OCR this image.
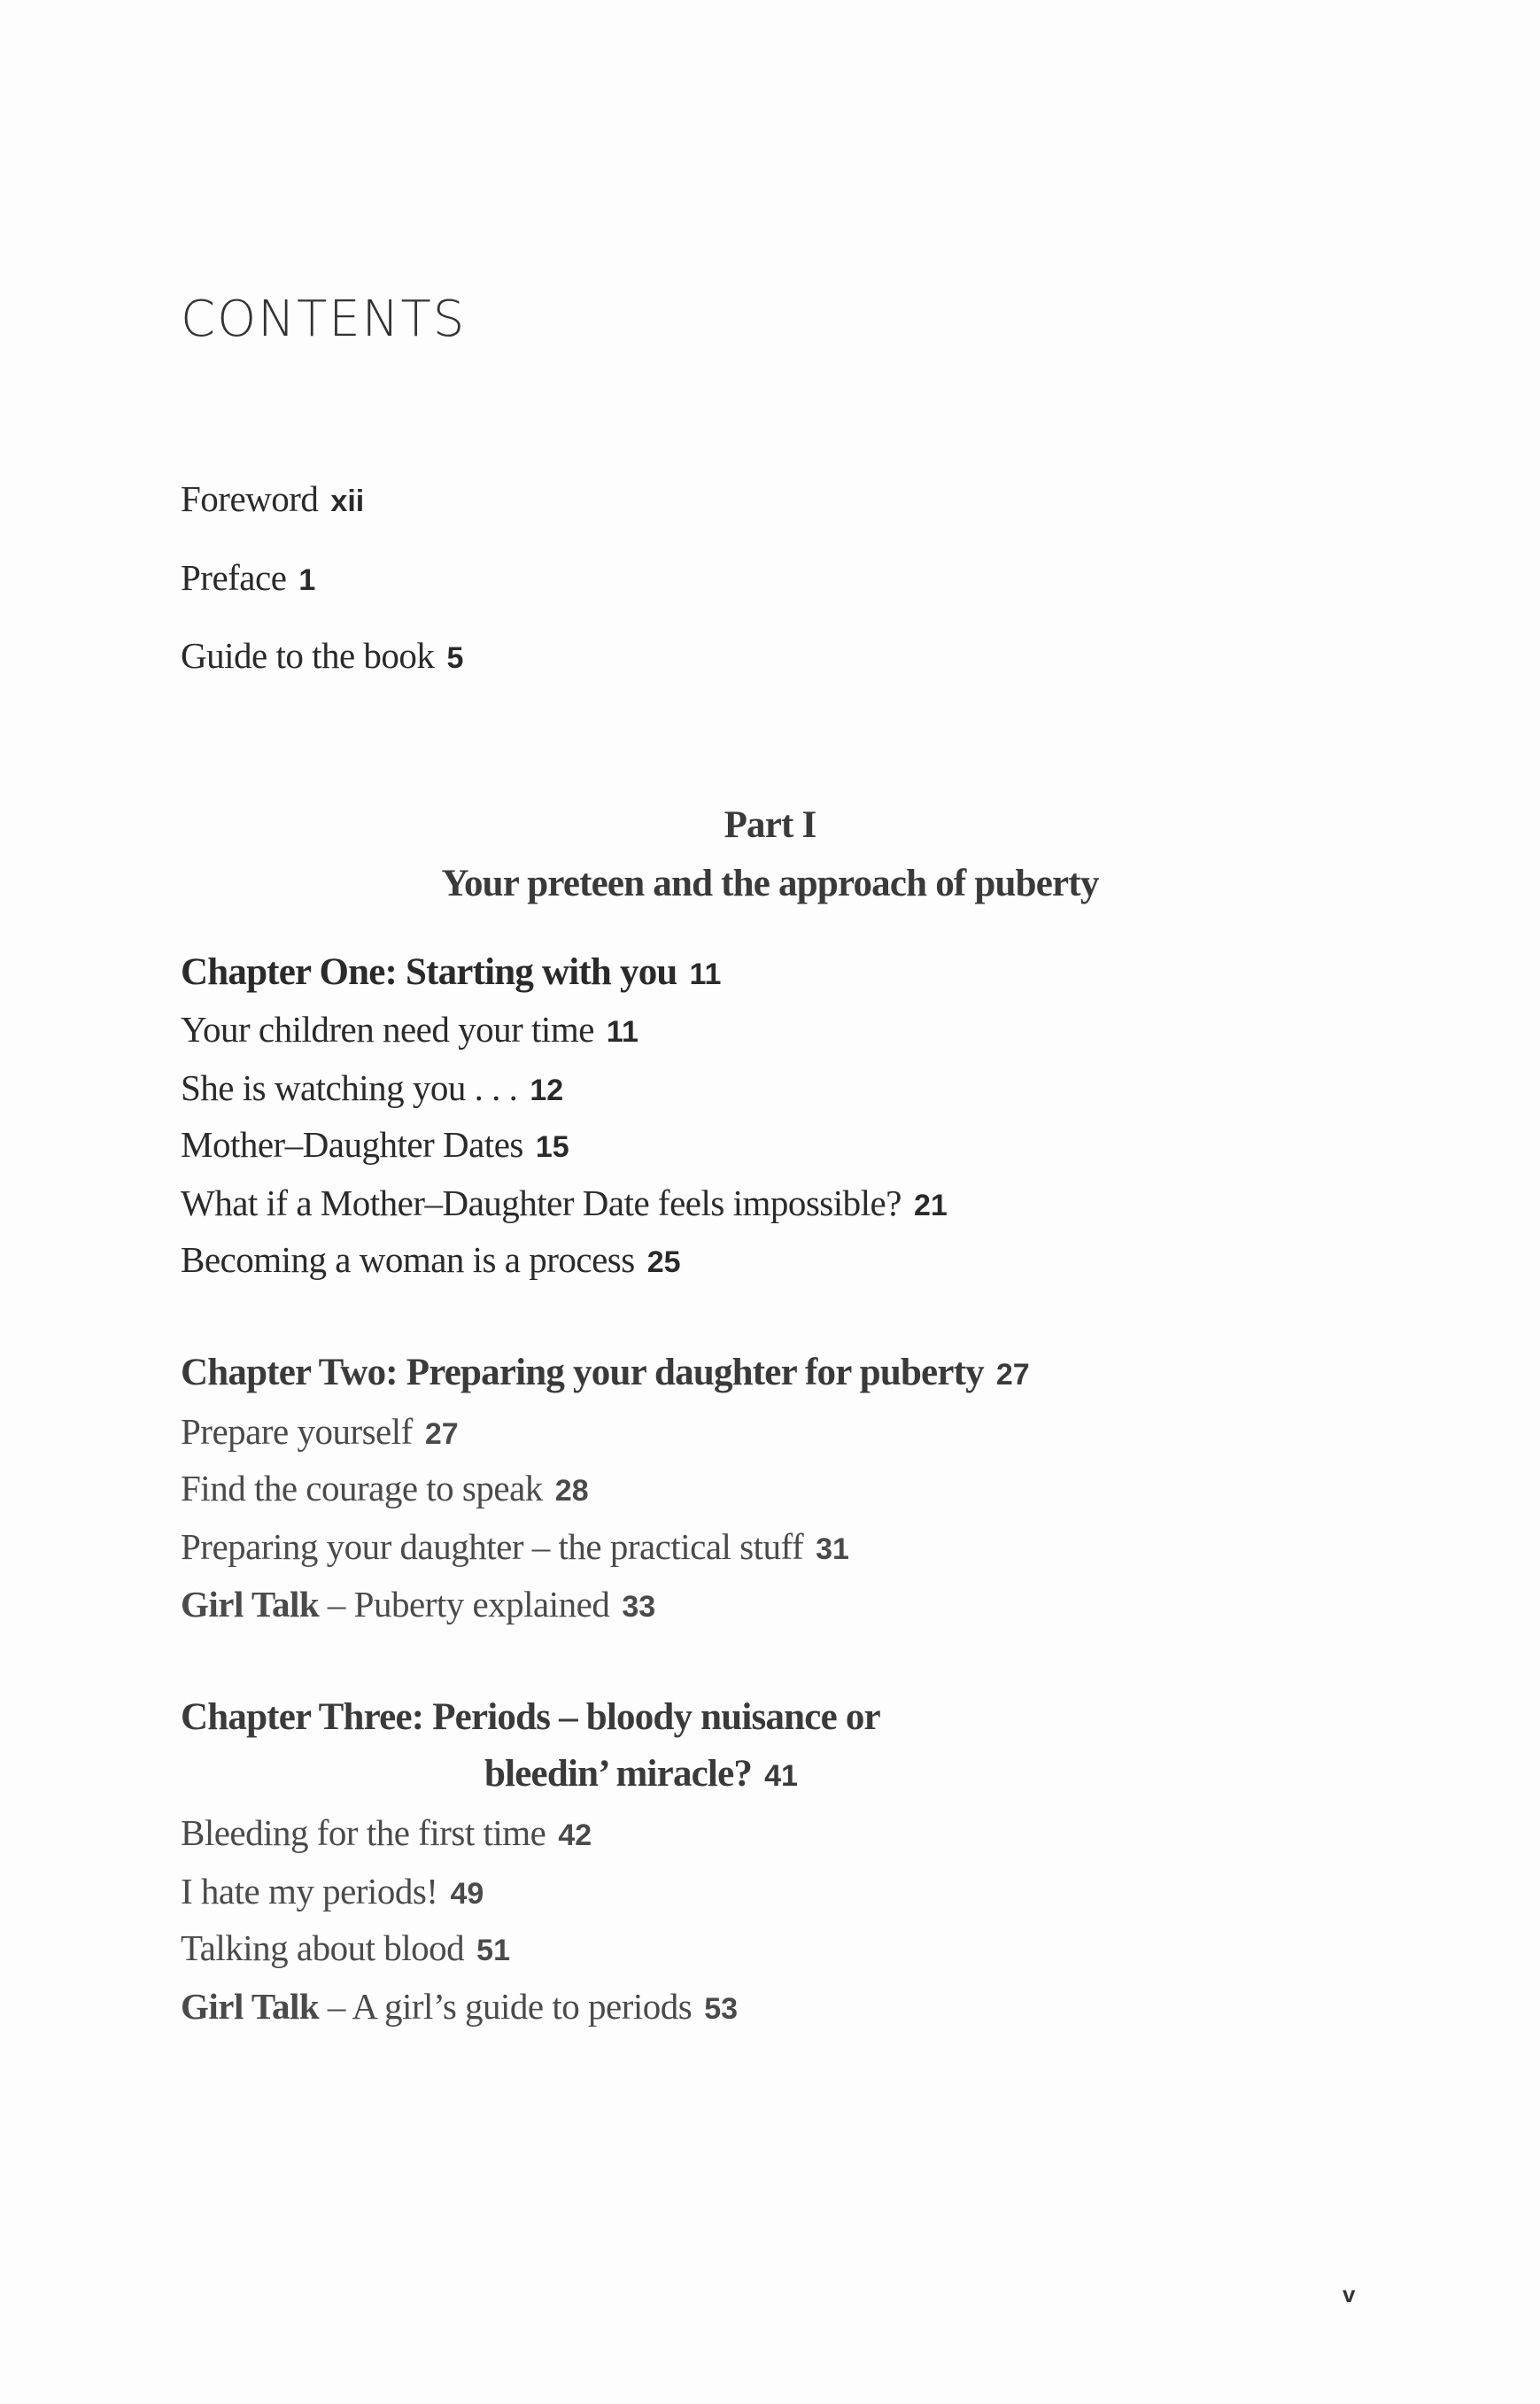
CONTENTS
Foreword xii
Preface 1
Guide to the book 5
Part I
Your preteen and the approach of puberty
Chapter One: Starting with you 11
Your children need your time 11
She is watching you . . . 12
Mother–Daughter Dates 15
What if a Mother–Daughter Date feels impossible? 21
Becoming a woman is a process 25
Chapter Two: Preparing your daughter for puberty 27
Prepare yourself 27
Find the courage to speak 28
Preparing your daughter – the practical stuff 31
Girl Talk – Puberty explained 33
Chapter Three: Periods – bloody nuisance or
bleedin’ miracle? 41
Bleeding for the first time 42
I hate my periods! 49
Talking about blood 51
Girl Talk – A girl’s guide to periods 53
v
